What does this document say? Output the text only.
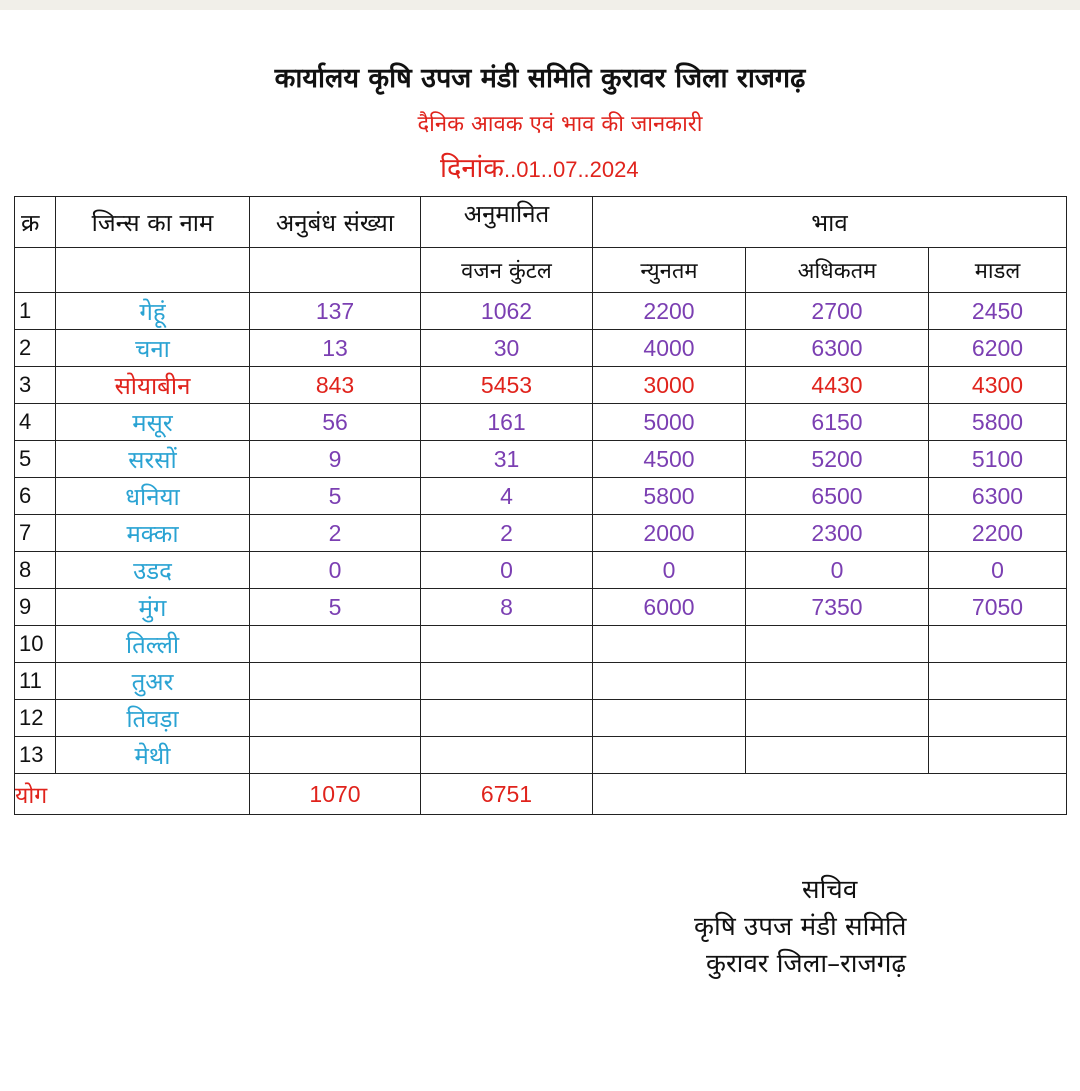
कार्यालय कृषि उपज मंडी समिति कुरावर जिला राजगढ़
दैनिक आवक एवं भाव की जानकारी
दिनांक..01..07..2024
क्र	जिन्स का नाम	अनुबंध संख्या	अनुमानित	भाव		
			वजन कुंटल	न्युनतम	अधिकतम	माडल
1	गेहूं	137	1062	2200	2700	2450
2	चना	13	30	4000	6300	6200
3	सोयाबीन	843	5453	3000	4430	4300
4	मसूर	56	161	5000	6150	5800
5	सरसों	9	31	4500	5200	5100
6	धनिया	5	4	5800	6500	6300
7	मक्का	2	2	2000	2300	2200
8	उडद	0	0	0	0	0
9	मुंग	5	8	6000	7350	7050
10	तिल्ली					
11	तुअर					
12	तिवड़ा					
13	मेथी					
योग		1070	6751			
सचिव
कृषि उपज मंडी समिति
कुरावर जिला–राजगढ़
